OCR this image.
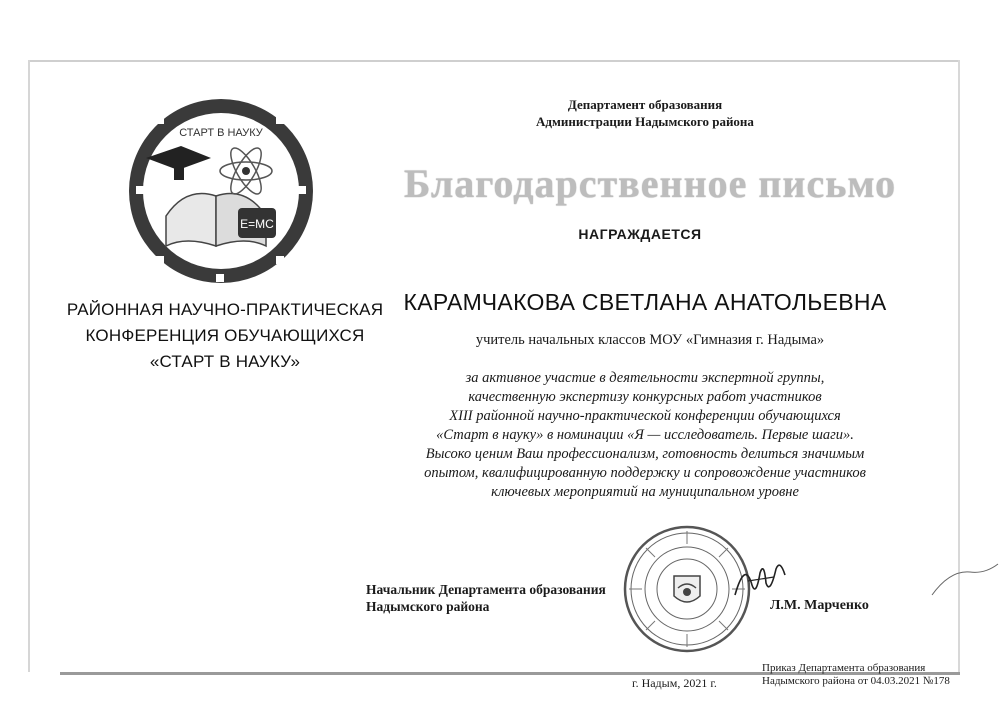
E=MC
СТАРТ В НАУКУ
РАЙОННАЯ НАУЧНО-ПРАКТИЧЕСКАЯ
КОНФЕРЕНЦИЯ ОБУЧАЮЩИХСЯ
«СТАРТ В НАУКУ»
Департамент образования
Администрации Надымского района
Благодарственное письмо
НАГРАЖДАЕТСЯ
КАРАМЧАКОВА СВЕТЛАНА АНАТОЛЬЕВНА
учитель начальных классов МОУ «Гимназия г. Надыма»
за активное участие в деятельности экспертной группы,
качественную экспертизу конкурсных работ участников
XIII районной научно-практической конференции обучающихся
«Старт в науку» в номинации «Я — исследователь. Первые шаги».
Высоко ценим Ваш профессионализм, готовность делиться значимым
опытом, квалифицированную поддержку и сопровождение участников
ключевых мероприятий на муниципальном уровне
Начальник Департамента образования
Надымского района	Л.М. Марченко
г. Надым, 2021 г.
Приказ Департамента образования
Надымского района от 04.03.2021 №178
